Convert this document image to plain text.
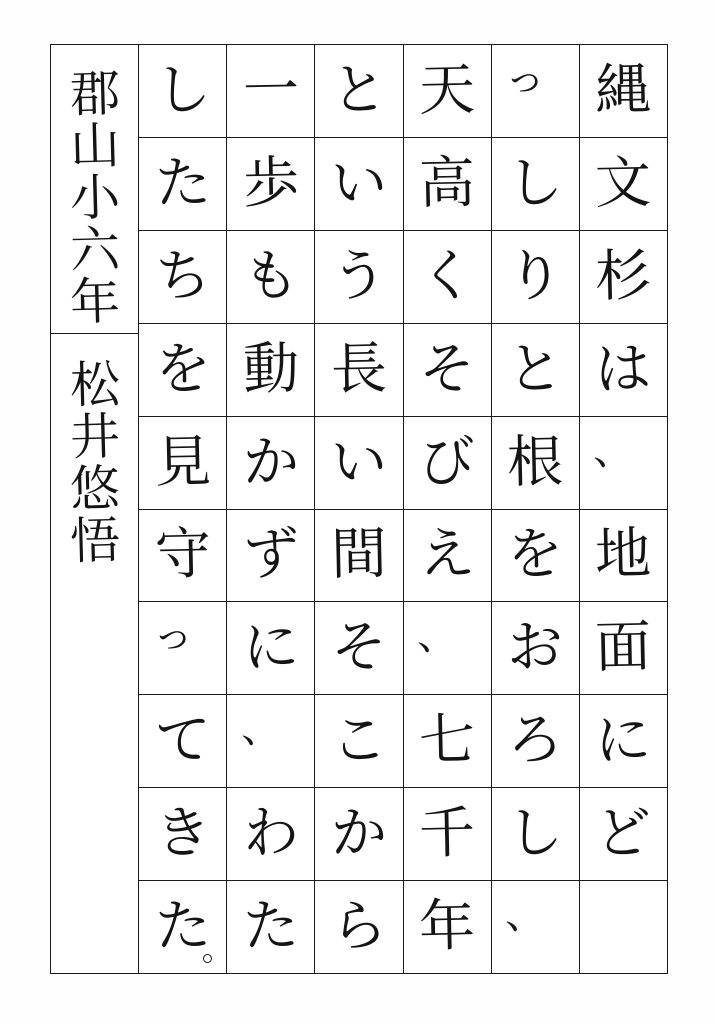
縄
文
杉
は
、
地
面
に
ど
っ
し
り
と
根
を
お
ろ
し
、
天
高
く
そ
び
え
、
七
千
年
と
い
う
長
い
間
そ
こ
か
ら
一
歩
も
動
か
ず
に
、
わ
た
し
た
ち
を
見
守
っ
て
き
た
郡
山
小
六
年
松
井
悠
悟
